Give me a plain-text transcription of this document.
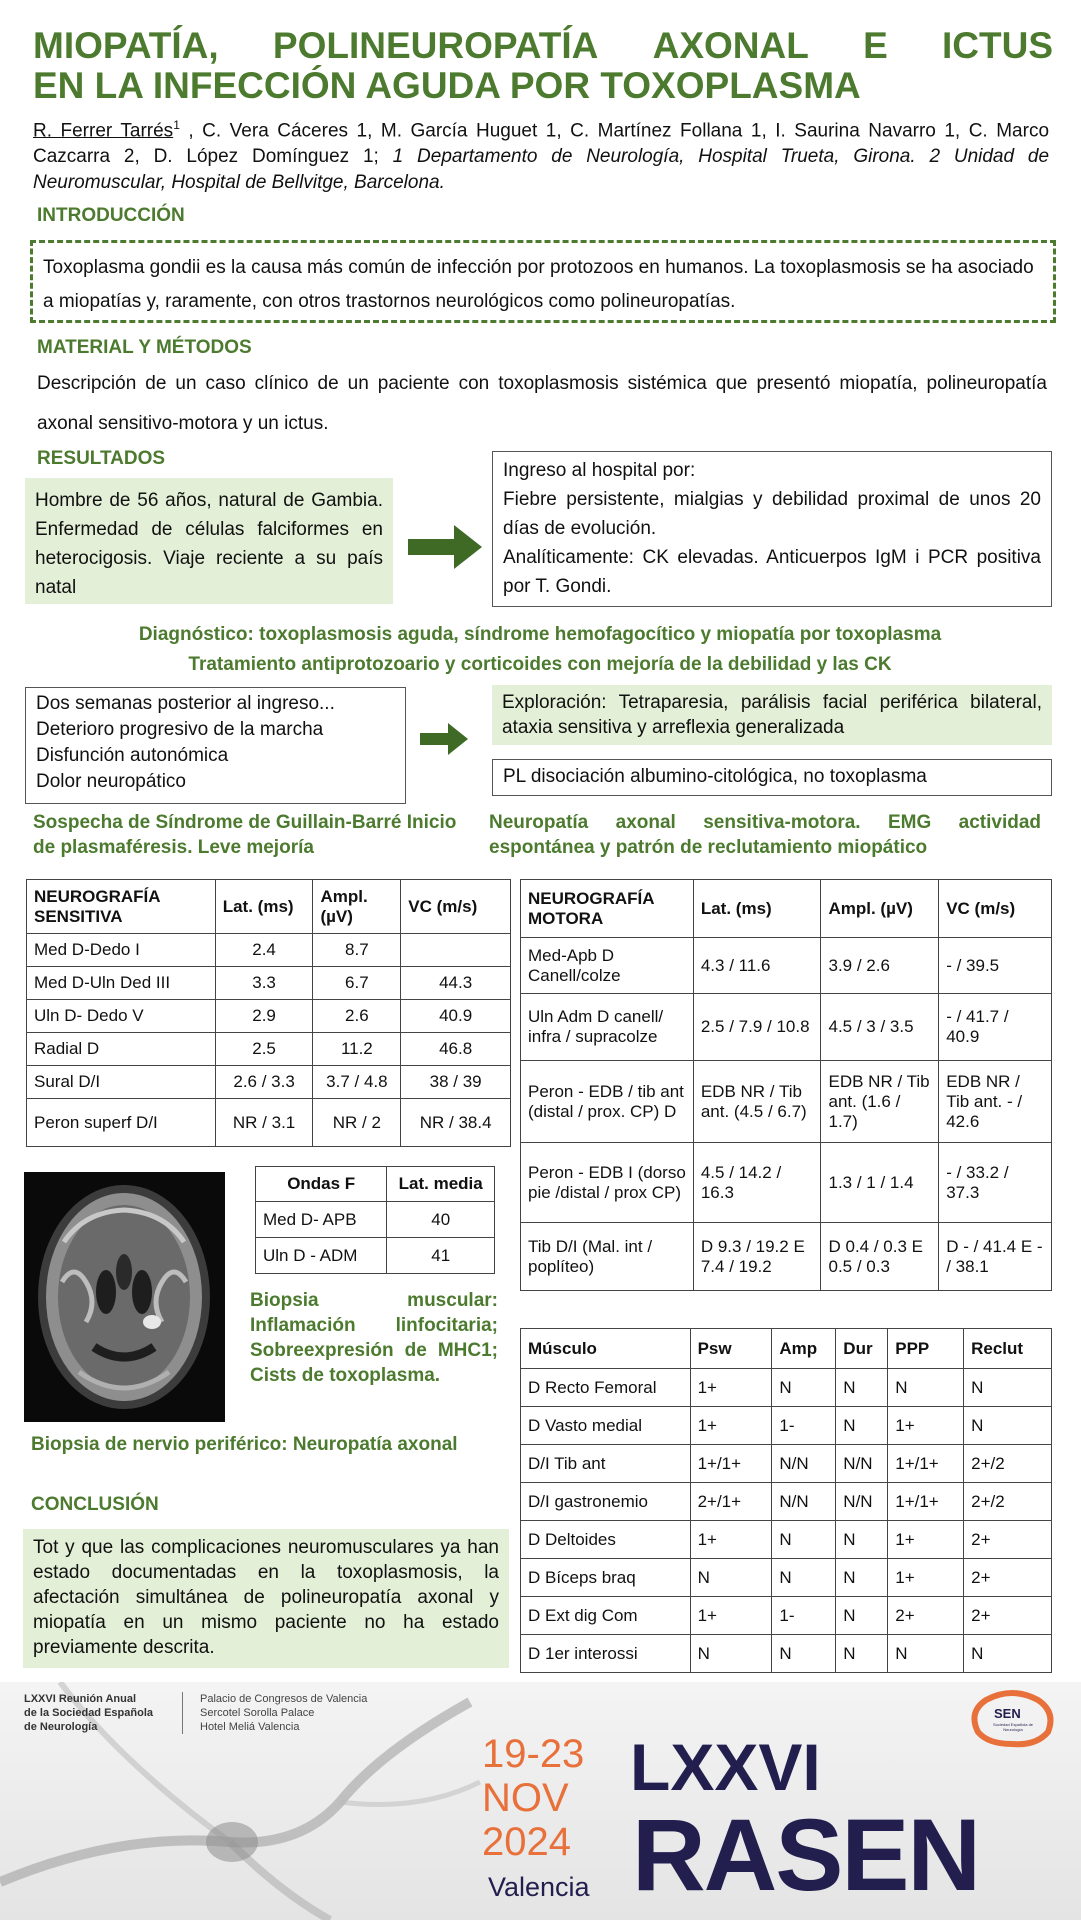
MIOPATÍA, POLINEUROPATÍA AXONAL E ICTUS
EN LA INFECCIÓN AGUDA POR TOXOPLASMA
R. Ferrer Tarrés$^1$ , C. Vera Cáceres 1, M. García Huguet 1, C. Martínez Follana 1, I. Saurina Navarro 1, C. Marco Cazcarra 2, D. López Domínguez 1; 1 Departamento de Neurología, Hospital Trueta, Girona. 2 Unidad de Neuromuscular, Hospital de Bellvitge, Barcelona.
INTRODUCCIÓN
Toxoplasma gondii es la causa más común de infección por protozoos en humanos. La toxoplasmosis se ha asociado a miopatías y, raramente, con otros trastornos neurológicos como polineuropatías.
MATERIAL Y MÉTODOS
Descripción de un caso clínico de un paciente con toxoplasmosis sistémica que presentó miopatía, polineuropatía axonal sensitivo-motora y un ictus.
RESULTADOS
Hombre de 56 años, natural de Gambia. Enfermedad de células falciformes en heterocigosis. Viaje reciente a su país natal
Ingreso al hospital por:
Fiebre persistente, mialgias y debilidad proximal de unos 20 días de evolución.
Analíticamente: CK elevadas. Anticuerpos IgM i PCR positiva por T. Gondi.
Diagnóstico: toxoplasmosis aguda, síndrome hemofagocítico y miopatía por toxoplasma
Tratamiento antiprotozoario y corticoides con mejoría de la debilidad y las CK
Dos semanas posterior al ingreso...
Deterioro progresivo de la marcha
Disfunción autonómica
Dolor neuropático
Exploración: Tetraparesia, parálisis facial periférica bilateral, ataxia sensitiva y arreflexia generalizada
PL disociación albumino-citológica, no toxoplasma
Sospecha de Síndrome de Guillain-Barré Inicio de plasmaféresis. Leve mejoría
Neuropatía axonal sensitiva-motora. EMG actividad espontánea y patrón de reclutamiento miopático
NEUROGRAFÍA SENSITIVA	Lat. (ms)	Ampl. (µV)	VC (m/s)
Med D-Dedo I	2.4	8.7	
Med D-Uln Ded III	3.3	6.7	44.3
Uln D- Dedo V	2.9	2.6	40.9
Radial D	2.5	11.2	46.8
Sural D/I	2.6 / 3.3	3.7 / 4.8	38 / 39
Peron superf D/I	NR / 3.1	NR / 2	NR / 38.4
NEUROGRAFÍA MOTORA	Lat. (ms)	Ampl. (µV)	VC (m/s)
Med-Apb D Canell/colze	4.3 / 11.6	3.9 / 2.6	- / 39.5
Uln Adm D canell/ infra / supracolze	2.5 / 7.9 / 10.8	4.5 / 3 / 3.5	- / 41.7 / 40.9
Peron - EDB / tib ant (distal / prox. CP) D	EDB NR / Tib ant. (4.5 / 6.7)	EDB NR / Tib ant. (1.6 / 1.7)	EDB NR / Tib ant. - / 42.6
Peron - EDB I (dorso pie /distal / prox CP)	4.5 / 14.2 / 16.3	1.3 / 1 / 1.4	- / 33.2 / 37.3
Tib D/I (Mal. int / poplíteo)	D 9.3 / 19.2 E 7.4 / 19.2	D 0.4 / 0.3 E 0.5 / 0.3	D - / 41.4 E - / 38.1
Ondas F	Lat. media
Med D- APB	40
Uln D - ADM	41
Biopsia muscular: Inflamación linfocitaria; Sobreexpresión de MHC1; Cists de toxoplasma.
Biopsia de nervio periférico: Neuropatía axonal
CONCLUSIÓN
Tot y que las complicaciones neuromusculares ya han estado documentadas en la toxoplasmosis, la afectación simultánea de polineuropatía axonal y miopatía en un mismo paciente no ha estado previamente descrita.
Músculo	Psw	Amp	Dur	PPP	Reclut
D Recto Femoral	1+	N	N	N	N
D Vasto medial	1+	1-	N	1+	N
D/I Tib ant	1+/1+	N/N	N/N	1+/1+	2+/2
D/I gastronemio	2+/1+	N/N	N/N	1+/1+	2+/2
D Deltoides	1+	N	N	1+	2+
D Bíceps braq	N	N	N	1+	2+
D Ext dig Com	1+	1-	N	2+	2+
D 1er interossi	N	N	N	N	N
LXXVI Reunión Anual
de la Sociedad Española
de Neurología
Palacio de Congresos de Valencia
Sercotel Sorolla Palace
Hotel Meliá Valencia
19-23
NOV
2024
Valencia
LXXVI
RASEN
SEN
Sociedad Española de Neurología
